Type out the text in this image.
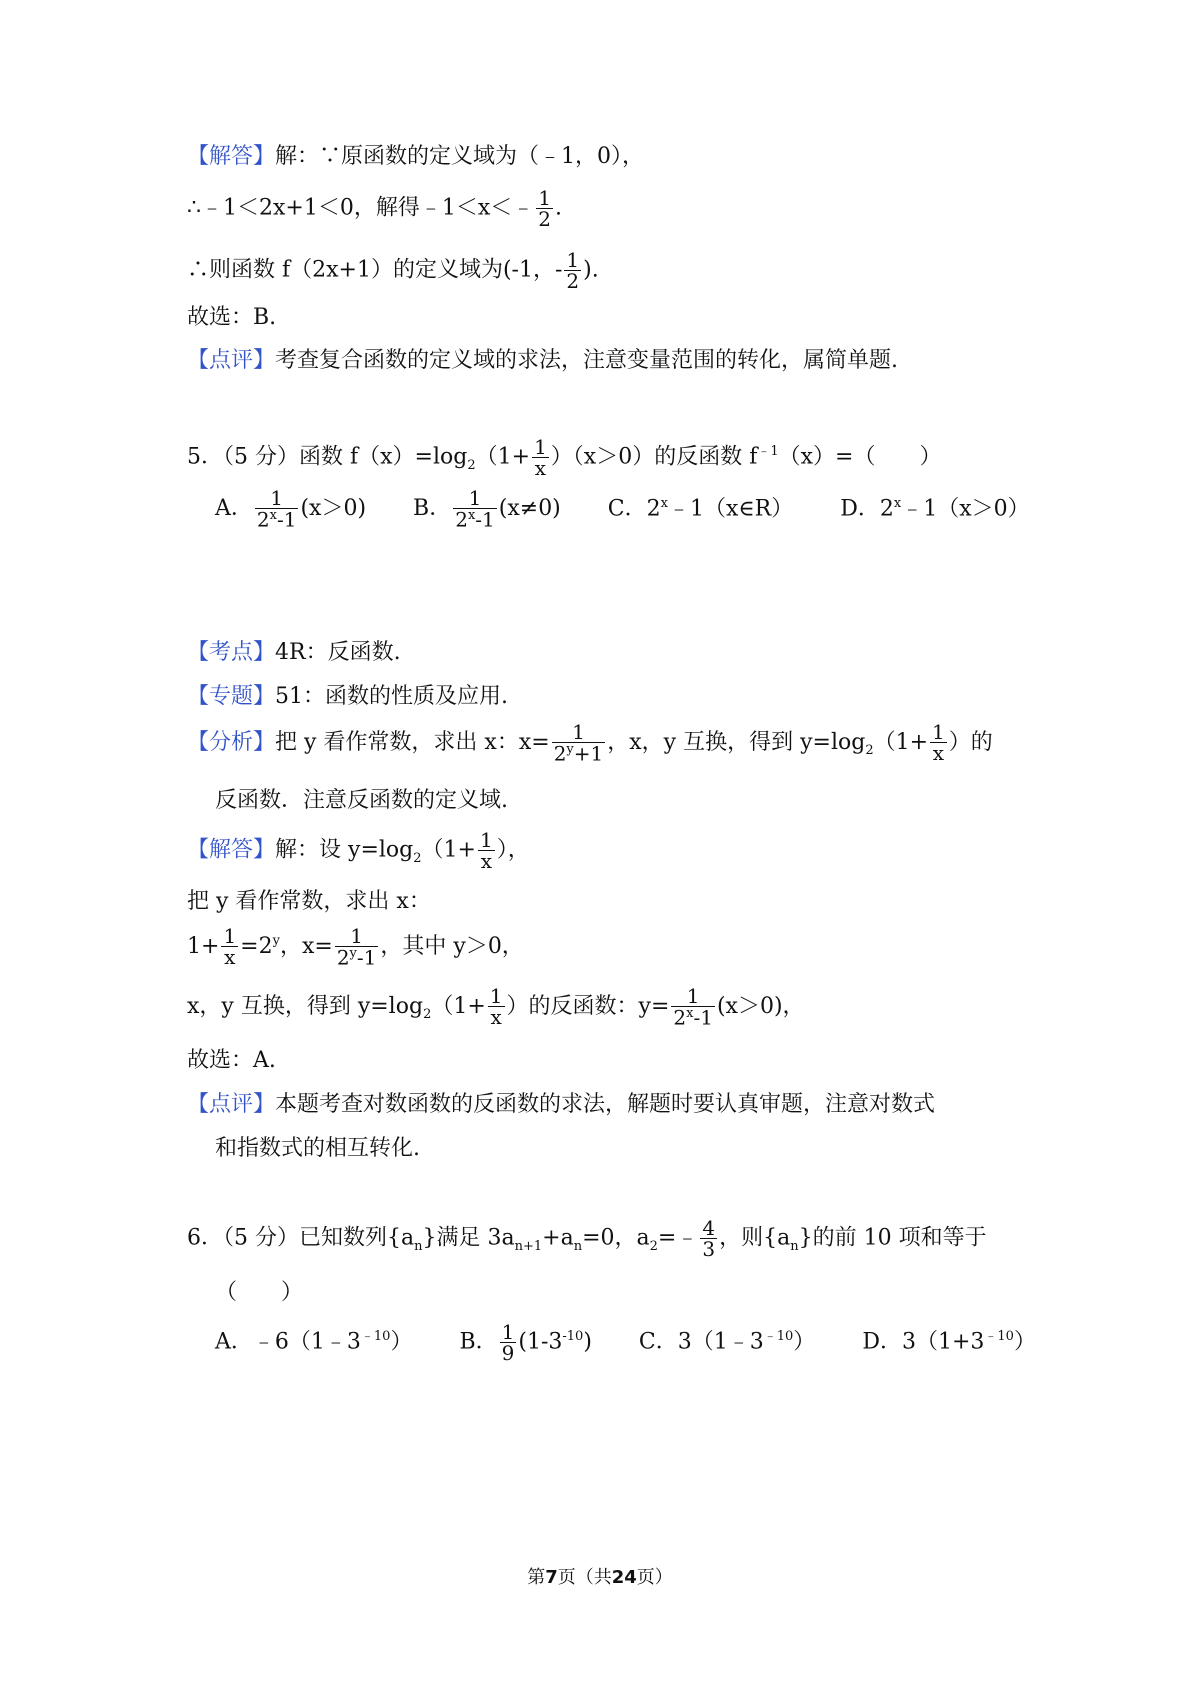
【解答】解：∵原函数的定义域为（﹣1，0），
∴﹣1＜2x+1＜0，解得﹣1＜x＜﹣ $\frac{1}{2}$ .
∴则函数 f（2x+1）的定义域为(-1，- $\frac{1}{2}$ ).
故选：B.
【点评】考查复合函数的定义域的求法，注意变量范围的转化，属简单题.
5．（5 分）函数 $f(x)=\log_2(1+ \frac{1}{x} )(x>0)$的反函数 $f^{﹣1}(x)=$（　　）
A． $\frac{1}{2^x-1} (x>0)$ B． $\frac{1}{2^x-1} (x\ne 0)$ C．2$^x$﹣1（x∈R） D．$2^x﹣1(x>0)$
【考点】4R：反函数.
【专题】51：函数的性质及应用.
【分析】把 y 看作常数，求出 x：$x= \frac{1}{2^y+1}$ ，x，y 互换，得到 $y=\log_2(1+ \frac{1}{x}$ ）的
反函数．注意反函数的定义域.
【解答】解：设 $y=\log_2(1+ \frac{1}{x}$ ），
把 y 看作常数，求出 x：
$1+ \frac{1}{x} =2^y$，$x= \frac{1}{2^y-1}$ ，其中 y＞0，
x，y 互换，得到 $y=\log_2(1+ \frac{1}{x}$ ）的反函数：$y= \frac{1}{2^x-1} (x>0)$，
故选：A.
【点评】本题考查对数函数的反函数的求法，解题时要认真审题，注意对数式
和指数式的相互转化.
6．（5 分）已知数列$\{a_n\}$满足 $3a_{n+1}+a_n=0$，$a_2=﹣ \frac{4}{3}$ ，则$\{a_n\}$的前 10 项和等于
（　　）
A．$﹣6(1﹣3^{﹣10})$ B． $\frac{1}{9} (1-3^{-10})$ C．$3(1﹣3^{﹣10})$ D．$3(1+3^{﹣10})$
第7页（共24页）
